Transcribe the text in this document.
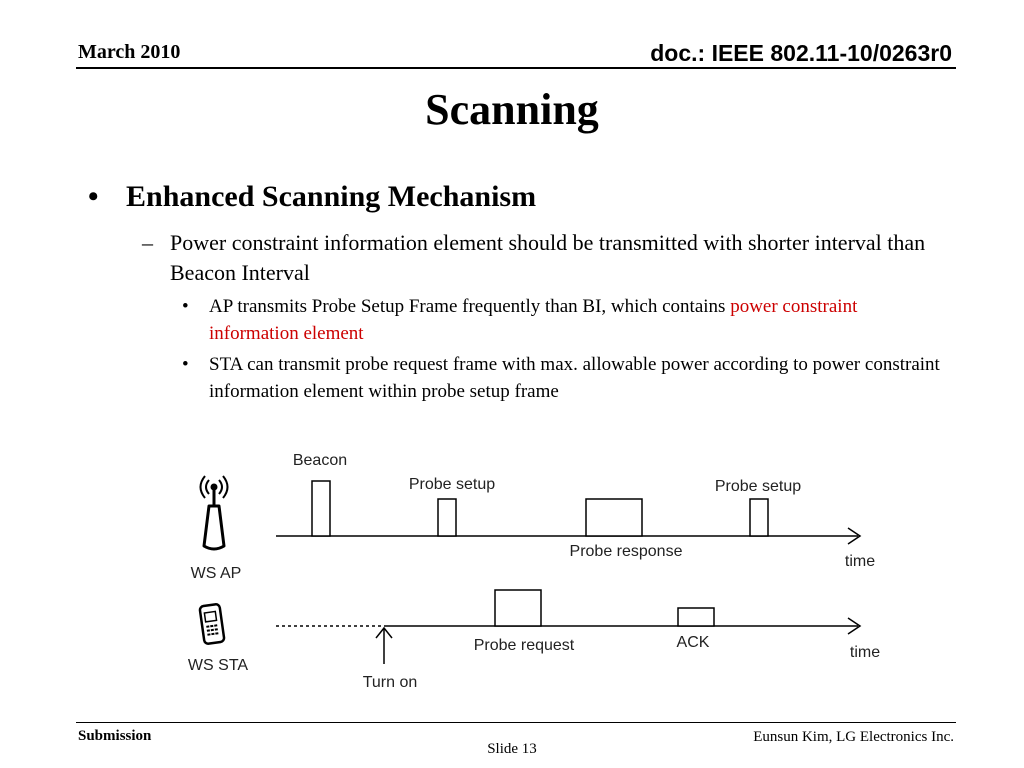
March 2010	doc.: IEEE 802.11-10/0263r0
Scanning
• Enhanced Scanning Mechanism
– Power constraint information element should be transmitted with shorter interval than Beacon Interval
•	AP transmits Probe Setup Frame frequently than BI, which contains power constraint information element
•	STA can transmit probe request frame with max. allowable power according to power constraint information element within probe setup frame
Beacon
Probe setup	Probe setup
Probe response
time
WS AP
Probe request	ACK
time
WS STA
Turn on
Submission
Slide 13
Eunsun Kim, LG Electronics Inc.
